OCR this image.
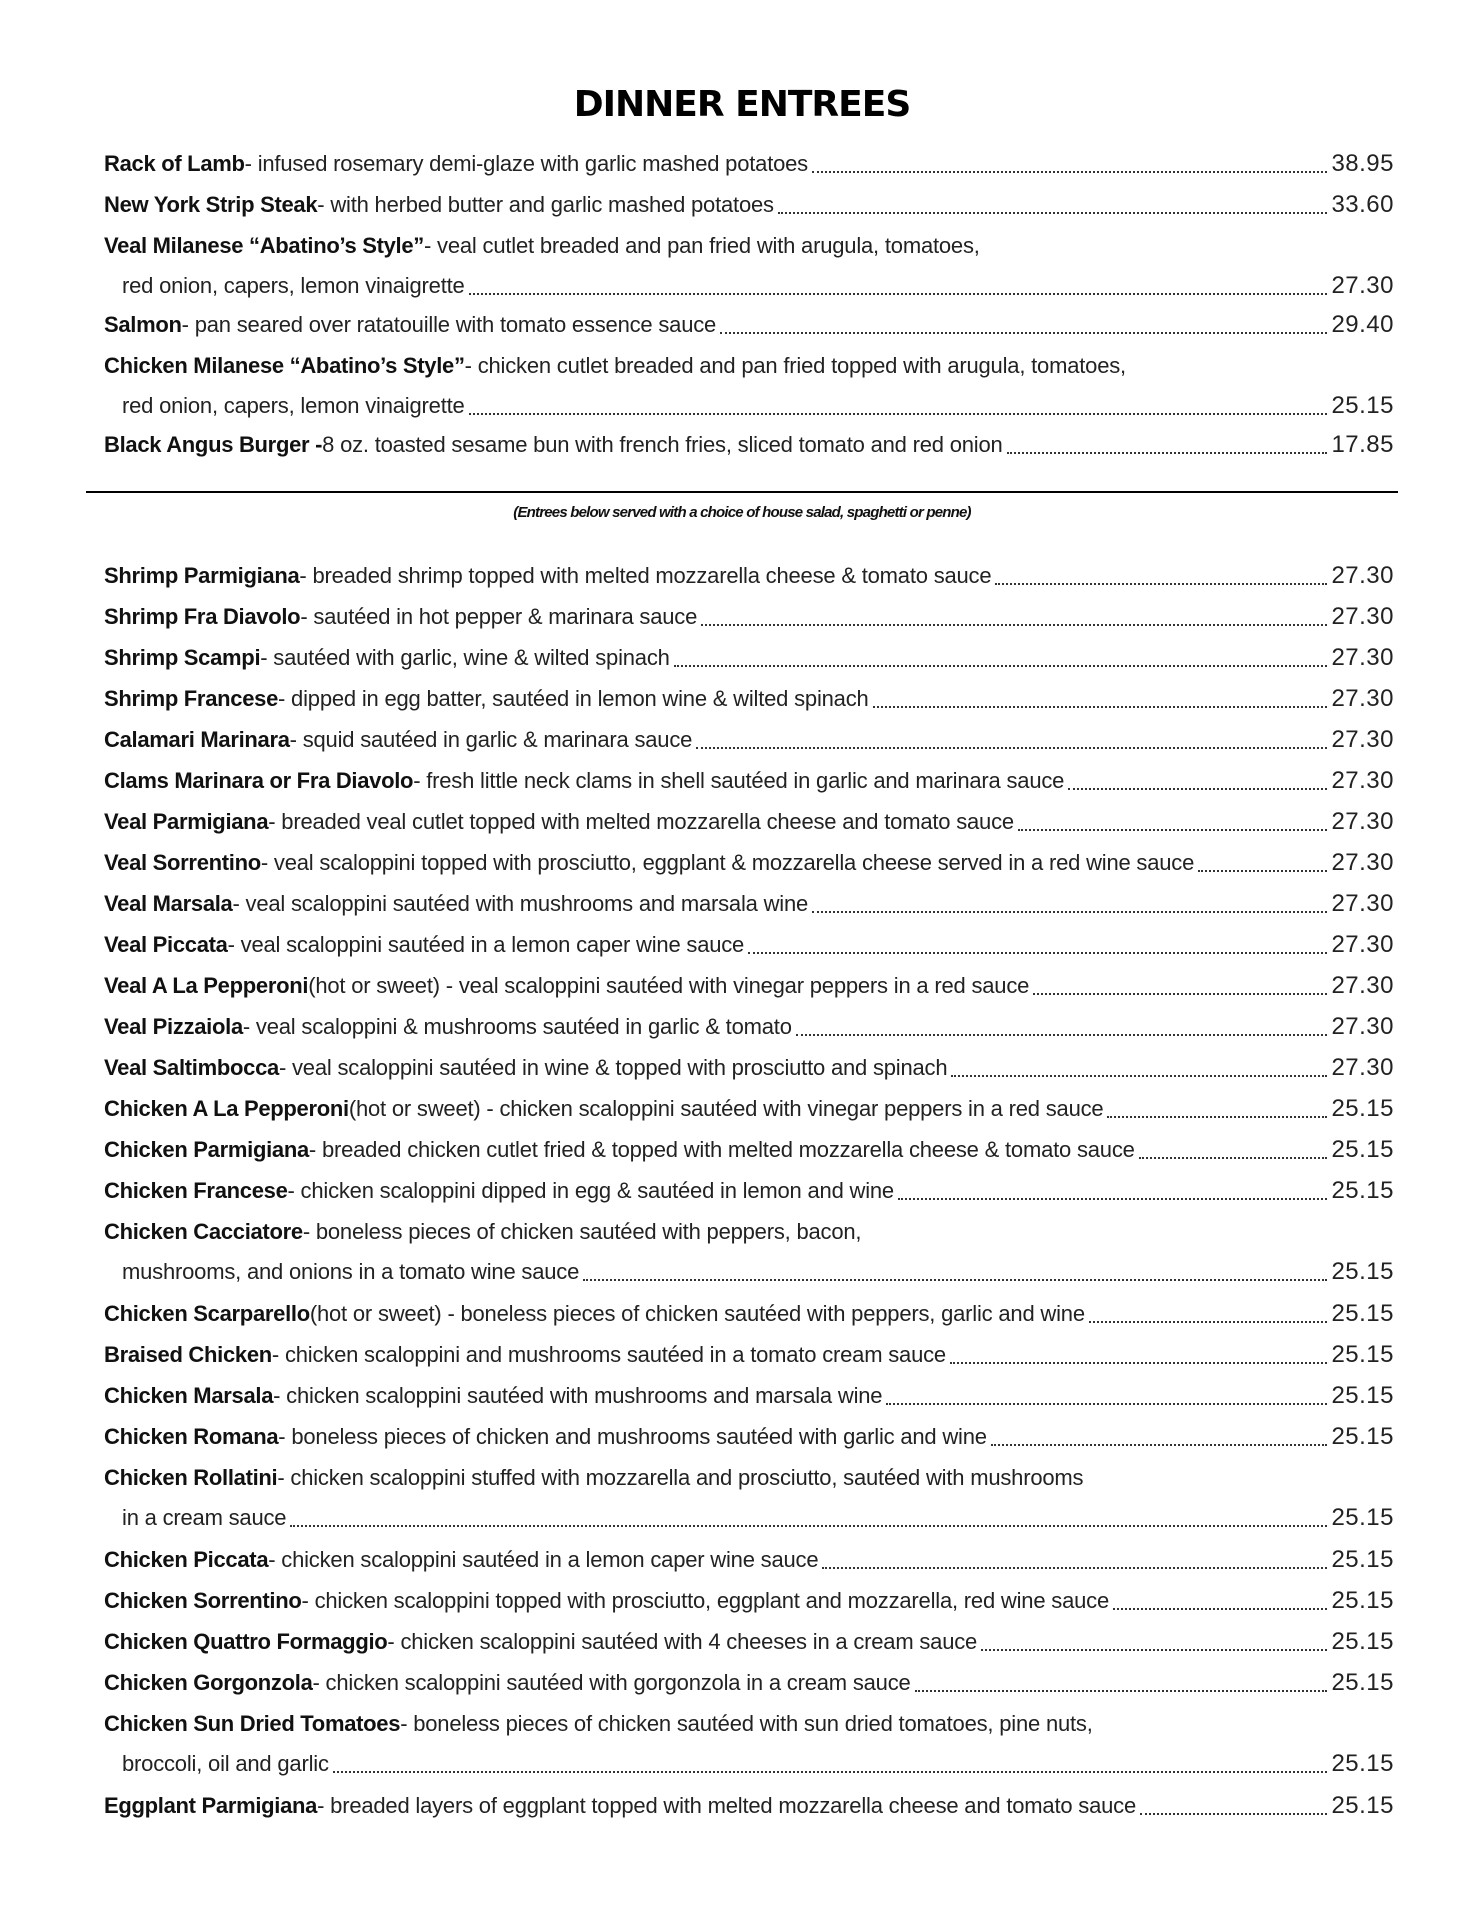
DINNER ENTREES
Rack of Lamb - infused rosemary demi-glaze with garlic mashed potatoes	38.95
New York Strip Steak - with herbed butter and garlic mashed potatoes	33.60
Veal Milanese “Abatino’s Style” - veal cutlet breaded and pan fried with arugula, tomatoes,
red onion, capers, lemon vinaigrette	27.30
Salmon - pan seared over ratatouille with tomato essence sauce	29.40
Chicken Milanese “Abatino’s Style” - chicken cutlet breaded and pan fried topped with arugula, tomatoes,
red onion, capers, lemon vinaigrette	25.15
Black Angus Burger - 8 oz. toasted sesame bun with french fries, sliced tomato and red onion	17.85
(Entrees below served with a choice of house salad, spaghetti or penne)
Shrimp Parmigiana - breaded shrimp topped with melted mozzarella cheese & tomato sauce	27.30
Shrimp Fra Diavolo - sautéed in hot pepper & marinara sauce	27.30
Shrimp Scampi - sautéed with garlic, wine & wilted spinach	27.30
Shrimp Francese - dipped in egg batter, sautéed in lemon wine & wilted spinach	27.30
Calamari Marinara - squid sautéed in garlic & marinara sauce	27.30
Clams Marinara or Fra Diavolo - fresh little neck clams in shell sautéed in garlic and marinara sauce	27.30
Veal Parmigiana - breaded veal cutlet topped with melted mozzarella cheese and tomato sauce	27.30
Veal Sorrentino - veal scaloppini topped with prosciutto, eggplant & mozzarella cheese served in a red wine sauce	27.30
Veal Marsala - veal scaloppini sautéed with mushrooms and marsala wine	27.30
Veal Piccata - veal scaloppini sautéed in a lemon caper wine sauce	27.30
Veal A La Pepperoni (hot or sweet) - veal scaloppini sautéed with vinegar peppers in a red sauce	27.30
Veal Pizzaiola - veal scaloppini & mushrooms sautéed in garlic & tomato	27.30
Veal Saltimbocca - veal scaloppini sautéed in wine & topped with prosciutto and spinach	27.30
Chicken A La Pepperoni (hot or sweet) - chicken scaloppini sautéed with vinegar peppers in a red sauce	25.15
Chicken Parmigiana - breaded chicken cutlet fried & topped with melted mozzarella cheese & tomato sauce	25.15
Chicken Francese - chicken scaloppini dipped in egg & sautéed in lemon and wine	25.15
Chicken Cacciatore - boneless pieces of chicken sautéed with peppers, bacon,
mushrooms, and onions in a tomato wine sauce	25.15
Chicken Scarparello (hot or sweet) - boneless pieces of chicken sautéed with peppers, garlic and wine	25.15
Braised Chicken - chicken scaloppini and mushrooms sautéed in a tomato cream sauce	25.15
Chicken Marsala - chicken scaloppini sautéed with mushrooms and marsala wine	25.15
Chicken Romana - boneless pieces of chicken and mushrooms sautéed with garlic and wine	25.15
Chicken Rollatini - chicken scaloppini stuffed with mozzarella and prosciutto, sautéed with mushrooms
in a cream sauce	25.15
Chicken Piccata - chicken scaloppini sautéed in a lemon caper wine sauce	25.15
Chicken Sorrentino - chicken scaloppini topped with prosciutto, eggplant and mozzarella, red wine sauce	25.15
Chicken Quattro Formaggio - chicken scaloppini sautéed with 4 cheeses in a cream sauce	25.15
Chicken Gorgonzola - chicken scaloppini sautéed with gorgonzola in a cream sauce	25.15
Chicken Sun Dried Tomatoes - boneless pieces of chicken sautéed with sun dried tomatoes, pine nuts,
broccoli, oil and garlic	25.15
Eggplant Parmigiana - breaded layers of eggplant topped with melted mozzarella cheese and tomato sauce	25.15
